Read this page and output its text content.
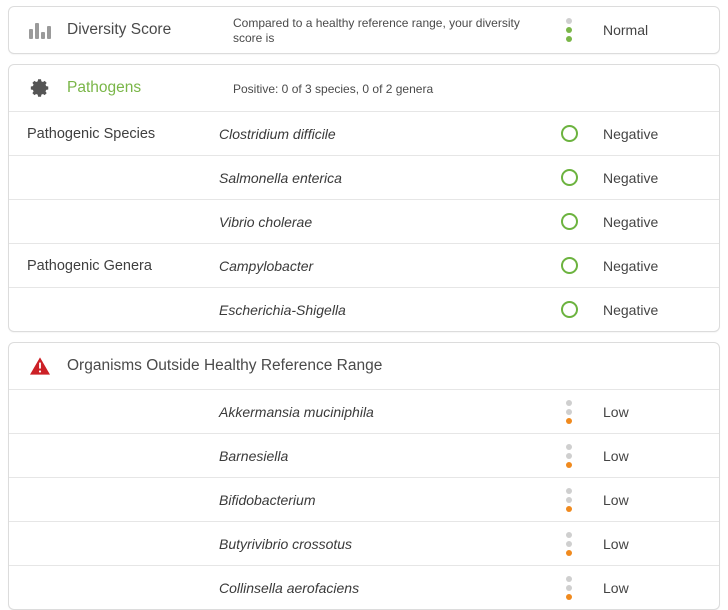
Diversity Score	Compared to a healthy reference range, your diversity score is	Normal
Pathogens	Positive: 0 of 3 species, 0 of 2 genera
Pathogenic Species	Clostridium difficile	Negative
Salmonella enterica	Negative
Vibrio cholerae	Negative
Pathogenic Genera	Campylobacter	Negative
Escherichia-Shigella	Negative
Organisms Outside Healthy Reference Range
Akkermansia muciniphila	Low
Barnesiella	Low
Bifidobacterium	Low
Butyrivibrio crossotus	Low
Collinsella aerofaciens	Low
